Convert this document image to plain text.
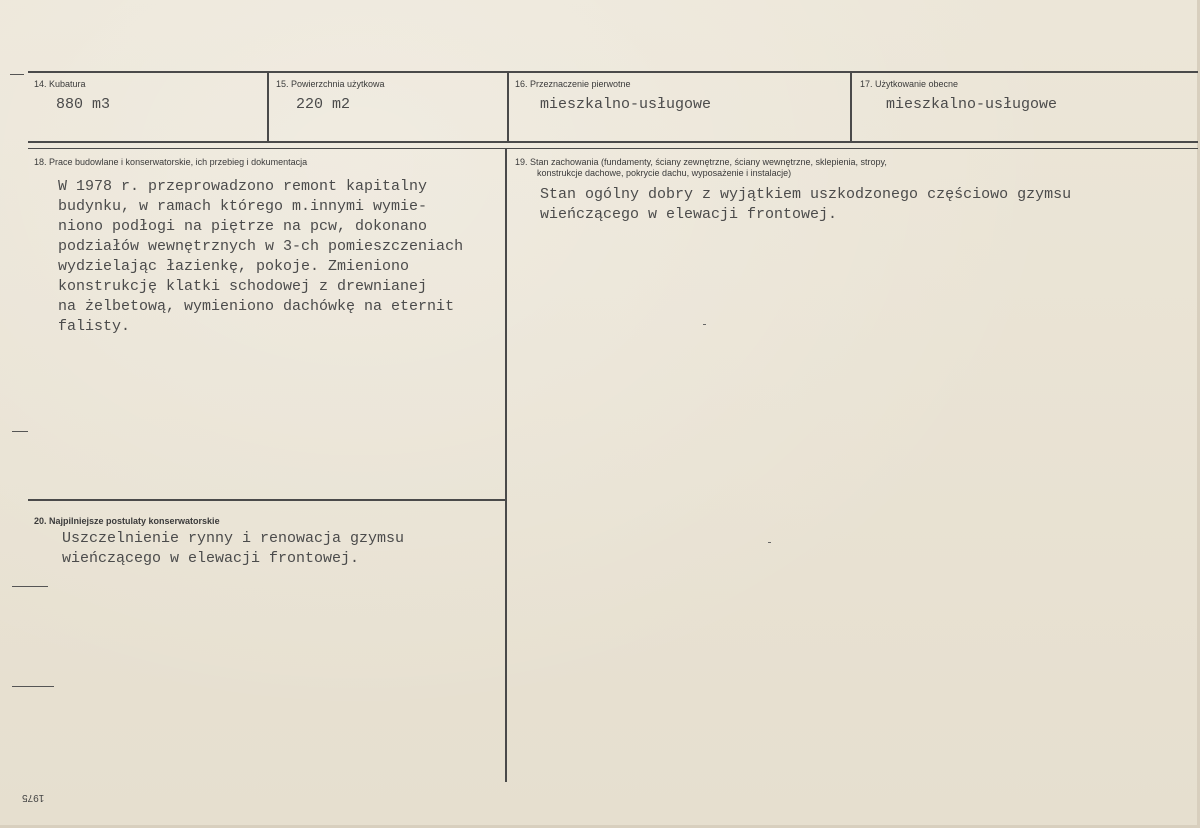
14. Kubatura
880 m3
15. Powierzchnia użytkowa
220 m2
16. Przeznaczenie pierwotne
mieszkalno-usługowe
17. Użytkowanie obecne
mieszkalno-usługowe
18. Prace budowlane i konserwatorskie, ich przebieg i dokumentacja
W 1978 r. przeprowadzono remont kapitalny
budynku, w ramach którego m.innymi wymie-
niono podłogi na piętrze na pcw, dokonano
podziałów wewnętrznych w 3-ch pomieszczeniach
wydzielając łazienkę, pokoje. Zmieniono
konstrukcję klatki schodowej z drewnianej
na żelbetową, wymieniono dachówkę na eternit
falisty.
19. Stan zachowania (fundamenty, ściany zewnętrzne, ściany wewnętrzne, sklepienia, stropy,
konstrukcje dachowe, pokrycie dachu, wyposażenie i instalacje)
Stan ogólny dobry z wyjątkiem uszkodzonego częściowo gzymsu
wieńczącego w elewacji frontowej.
20. Najpilniejsze postulaty konserwatorskie
Uszczelnienie rynny i renowacja gzymsu
wieńczącego w elewacji frontowej.
1975
